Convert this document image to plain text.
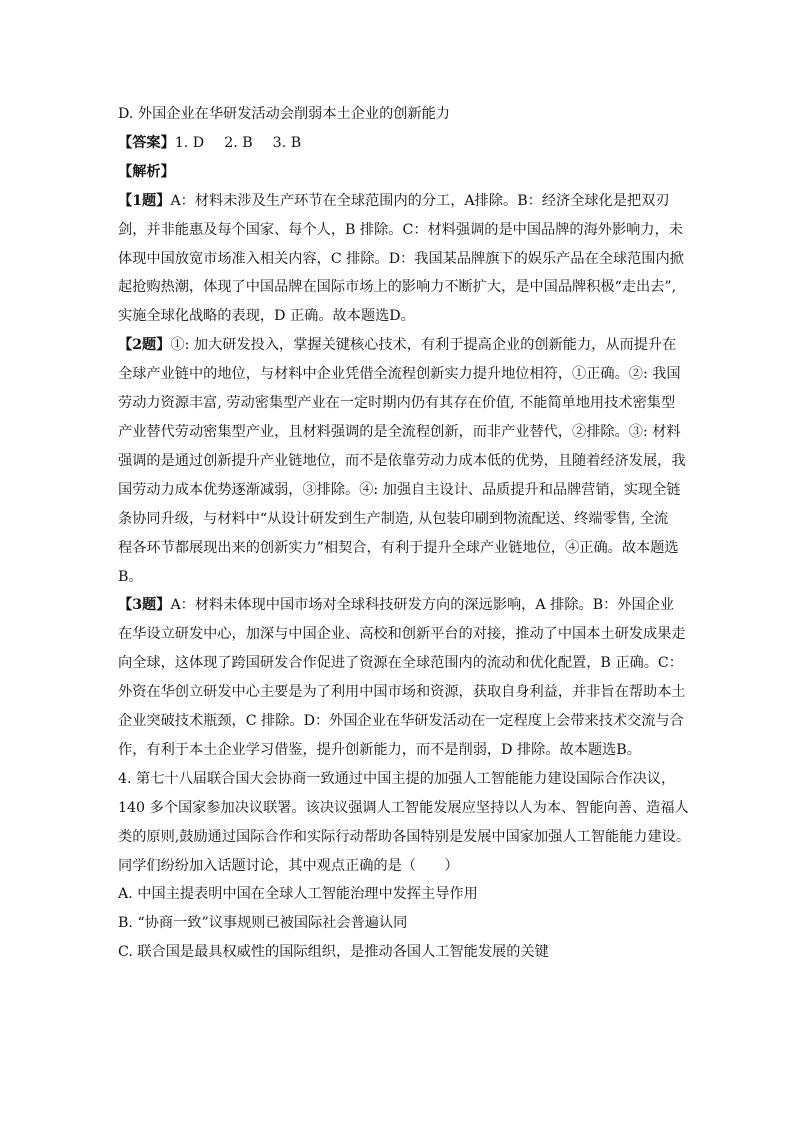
D. 外国企业在华研发活动会削弱本土企业的创新能力

【答案】1. D 2. B 3. B

【解析】

【1题】A：材料未涉及生产环节在全球范围内的分工，A排除。B：经济全球化是把双刃

剑，并非能惠及每个国家、每个人，B 排除。C：材料强调的是中国品牌的海外影响力，未

体现中国放宽市场准入相关内容，C 排除。D：我国某品牌旗下的娱乐产品在全球范围内掀

起抢购热潮，体现了中国品牌在国际市场上的影响力不断扩大，是中国品牌积极“走出去”,

实施全球化战略的表现，D 正确。故本题选D。

【2题】①: 加大研发投入，掌握关键核心技术，有利于提高企业的创新能力，从而提升在

全球产业链中的地位，与材料中企业凭借全流程创新实力提升地位相符，①正确。②: 我国

劳动力资源丰富, 劳动密集型产业在一定时期内仍有其存在价值, 不能简单地用技术密集型

产业替代劳动密集型产业，且材料强调的是全流程创新，而非产业替代，②排除。③: 材料

强调的是通过创新提升产业链地位，而不是依靠劳动力成本低的优势，且随着经济发展，我

国劳动力成本优势逐渐减弱，③排除。④: 加强自主设计、品质提升和品牌营销，实现全链

条协同升级，与材料中“从设计研发到生产制造, 从包装印刷到物流配送、终端零售, 全流

程各环节都展现出来的创新实力”相契合，有利于提升全球产业链地位，④正确。故本题选

B。

【3题】A：材料未体现中国市场对全球科技研发方向的深远影响，A 排除。B：外国企业

在华设立研发中心，加深与中国企业、高校和创新平台的对接，推动了中国本土研发成果走

向全球，这体现了跨国研发合作促进了资源在全球范围内的流动和优化配置，B 正确。C：

外资在华创立研发中心主要是为了利用中国市场和资源，获取自身利益，并非旨在帮助本土

企业突破技术瓶颈，C 排除。D：外国企业在华研发活动在一定程度上会带来技术交流与合

作，有利于本土企业学习借鉴，提升创新能力，而不是削弱，D 排除。故本题选B。

4. 第七十八届联合国大会协商一致通过中国主提的加强人工智能能力建设国际合作决议，

140 多个国家参加决议联署。该决议强调人工智能发展应坚持以人为本、智能向善、造福人

类的原则,鼓励通过国际合作和实际行动帮助各国特别是发展中国家加强人工智能能力建设。

同学们纷纷加入话题讨论，其中观点正确的是（　　）

A. 中国主提表明中国在全球人工智能治理中发挥主导作用

B. “协商一致”议事规则已被国际社会普遍认同

C. 联合国是最具权威性的国际组织，是推动各国人工智能发展的关键
